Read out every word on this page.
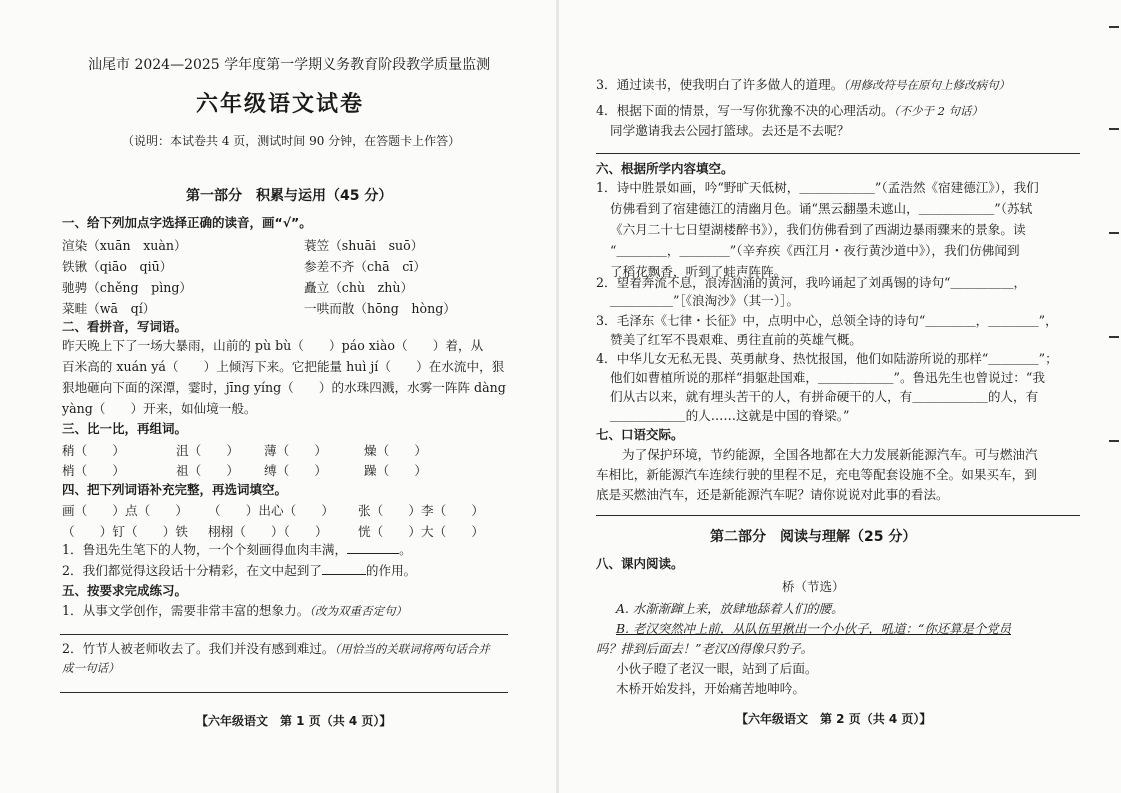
汕尾市 2024—2025 学年度第一学期义务教育阶段教学质量监测
六年级语文试卷
（说明：本试卷共 4 页，测试时间 90 分钟，在答题卡上作答）
第一部分　积累与运用（45 分）
一、给下列加点字选择正确的读音，画“√”。
渲染（xuān　xuàn）	蓑笠（shuāi　suō）
铁锹（qiāo　qiū）	参差不齐（chā　cī）
驰骋（chěng　pìng）	矗立（chù　zhù）
菜畦（wā　qí）	一哄而散（hōng　hòng）
二、看拼音，写词语。
昨天晚上下了一场大暴雨，山前的 pù bù（　　）páo xiào（　　）着，从
百米高的 xuán yá（　　）上倾泻下来。它把能量 huì jí（　　）在水流中，狠
狠地砸向下面的深潭，霎时，jīng yíng（　　）的水珠四溅，水雾一阵阵 dàng
yàng（　　）开来，如仙境一般。
三、比一比，再组词。
稍（　　）	沮（　　） 薄（　　）	燥（　　）
梢（　　）	祖（　　） 缚（　　）	躁（　　）
四、把下列词语补充完整，再选词填空。
画（　　）点（　　） （　　）出心（　　） 张（　　）李（　　）
（　　）钉（　　）铁 栩栩（　　）（　　） 恍（　　）大（　　）
1．鲁迅先生笔下的人物，一个个刻画得血肉丰满，	。
2．我们都觉得这段话十分精彩，在文中起到了	的作用。
五、按要求完成练习。
1．从事文学创作，需要非常丰富的想象力。（改为双重否定句）
2．竹节人被老师收去了。我们并没有感到难过。（用恰当的关联词将两句话合并
成一句话）
【六年级语文　第 1 页（共 4 页）】
3．通过读书，使我明白了许多做人的道理。（用修改符号在原句上修改病句）
4．根据下面的情景，写一写你犹豫不决的心理活动。（不少于 2 句话）
同学邀请我去公园打篮球。去还是不去呢？
六、根据所学内容填空。
1．诗中胜景如画，吟“野旷天低树，＿＿＿＿＿＿”（孟浩然《宿建德江》），我们
仿佛看到了宿建德江的清幽月色。诵“黑云翻墨未遮山，＿＿＿＿＿＿”（苏轼
《六月二十七日望湖楼醉书》），我们仿佛看到了西湖边暴雨骤来的景象。读
“＿＿＿＿，＿＿＿＿”（辛弃疾《西江月・夜行黄沙道中》），我们仿佛闻到
了稻花飘香，听到了蛙声阵阵。
2．望着奔流不息，浪涛汹涌的黄河，我吟诵起了刘禹锡的诗句“＿＿＿＿＿，
＿＿＿＿＿”［《浪淘沙》（其一）］。
3．毛泽东《七律・长征》中，点明中心，总领全诗的诗句“＿＿＿＿，＿＿＿＿”，
赞美了红军不畏艰难、勇往直前的英雄气概。
4．中华儿女无私无畏、英勇献身、热忱报国，他们如陆游所说的那样“＿＿＿＿”；
他们如曹植所说的那样“捐躯赴国难，＿＿＿＿＿＿”。鲁迅先生也曾说过：“我
们从古以来，就有埋头苦干的人，有拼命硬干的人，有＿＿＿＿＿＿的人，有
＿＿＿＿＿＿的人……这就是中国的脊梁。”
七、口语交际。
为了保护环境，节约能源，全国各地都在大力发展新能源汽车。可与燃油汽
车相比，新能源汽车连续行驶的里程不足，充电等配套设施不全。如果买车，到
底是买燃油汽车，还是新能源汽车呢？请你说说对此事的看法。
第二部分　阅读与理解（25 分）
八、课内阅读。
桥（节选）
A. 水渐渐蹿上来，放肆地舔着人们的腰。
B. 老汉突然冲上前，从队伍里揪出一个小伙子，吼道：“你还算是个党员
吗？排到后面去！”老汉凶得像只豹子。
小伙子瞪了老汉一眼，站到了后面。
木桥开始发抖，开始痛苦地呻吟。
【六年级语文　第 2 页（共 4 页）】
